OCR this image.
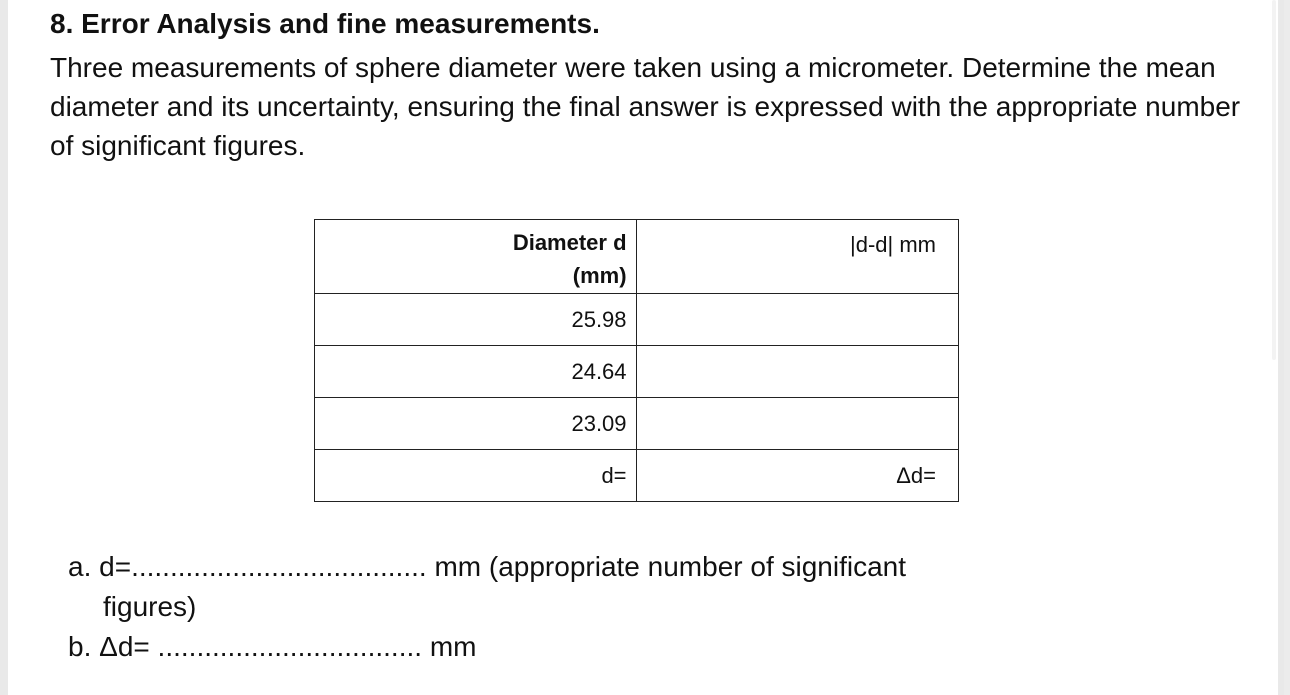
8. Error Analysis and fine measurements.
Three measurements of sphere diameter were taken using a micrometer. Determine the mean diameter and its uncertainty, ensuring the final answer is expressed with the appropriate number of significant figures.
Diameter d
(mm)	|d-d| mm
25.98	
24.64	
23.09	
d=	Δd=
a. d=...................................... mm (appropriate number of significant
figures)
b. Δd= .................................. mm
